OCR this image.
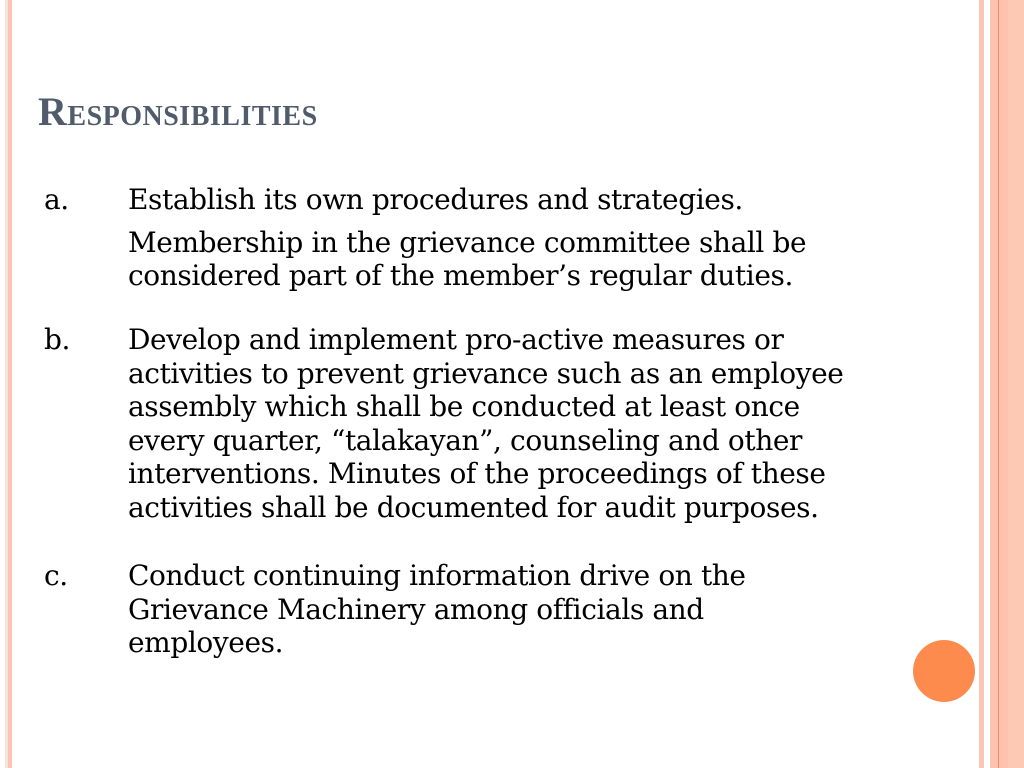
Responsibilities
a. Establish its own procedures and strategies.
Membership in the grievance committee shall be
considered part of the member’s regular duties.
b. Develop and implement pro-active measures or
activities to prevent grievance such as an employee
assembly which shall be conducted at least once
every quarter, “talakayan”, counseling and other
interventions. Minutes of the proceedings of these
activities shall be documented for audit purposes.
c. Conduct continuing information drive on the
Grievance Machinery among officials and
employees.
